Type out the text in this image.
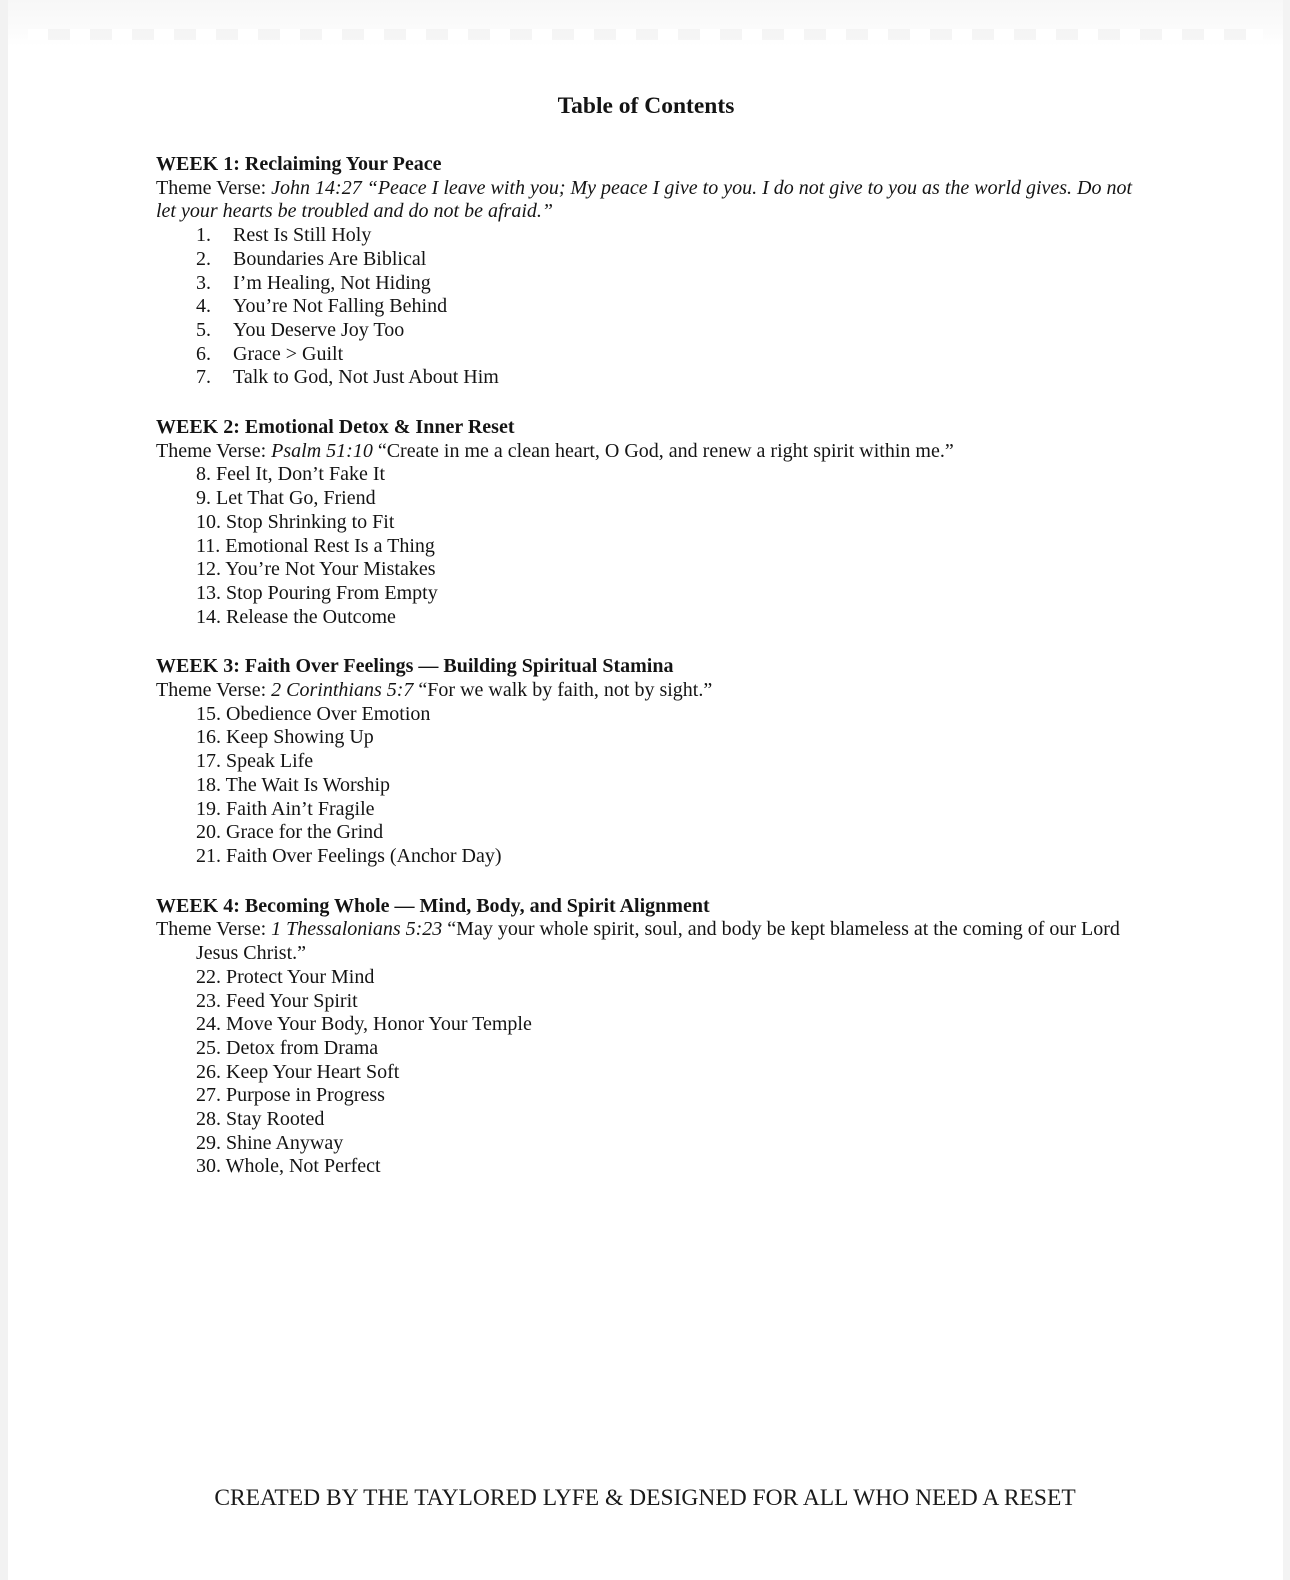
Table of Contents
WEEK 1: Reclaiming Your Peace
Theme Verse: John 14:27 “Peace I leave with you; My peace I give to you. I do not give to you as the world gives. Do not let your hearts be troubled and do not be afraid.”
1. Rest Is Still Holy
2. Boundaries Are Biblical
3. I’m Healing, Not Hiding
4. You’re Not Falling Behind
5. You Deserve Joy Too
6. Grace > Guilt
7. Talk to God, Not Just About Him
WEEK 2: Emotional Detox & Inner Reset
Theme Verse: Psalm 51:10 “Create in me a clean heart, O God, and renew a right spirit within me.”
8. Feel It, Don’t Fake It
9. Let That Go, Friend
10. Stop Shrinking to Fit
11. Emotional Rest Is a Thing
12. You’re Not Your Mistakes
13. Stop Pouring From Empty
14. Release the Outcome
WEEK 3: Faith Over Feelings — Building Spiritual Stamina
Theme Verse: 2 Corinthians 5:7 “For we walk by faith, not by sight.”
15. Obedience Over Emotion
16. Keep Showing Up
17. Speak Life
18. The Wait Is Worship
19. Faith Ain’t Fragile
20. Grace for the Grind
21. Faith Over Feelings (Anchor Day)
WEEK 4: Becoming Whole — Mind, Body, and Spirit Alignment
Theme Verse: 1 Thessalonians 5:23 “May your whole spirit, soul, and body be kept blameless at the coming of our Lord Jesus Christ.”
22. Protect Your Mind
23. Feed Your Spirit
24. Move Your Body, Honor Your Temple
25. Detox from Drama
26. Keep Your Heart Soft
27. Purpose in Progress
28. Stay Rooted
29. Shine Anyway
30. Whole, Not Perfect
CREATED BY THE TAYLORED LYFE & DESIGNED FOR ALL WHO NEED A RESET
